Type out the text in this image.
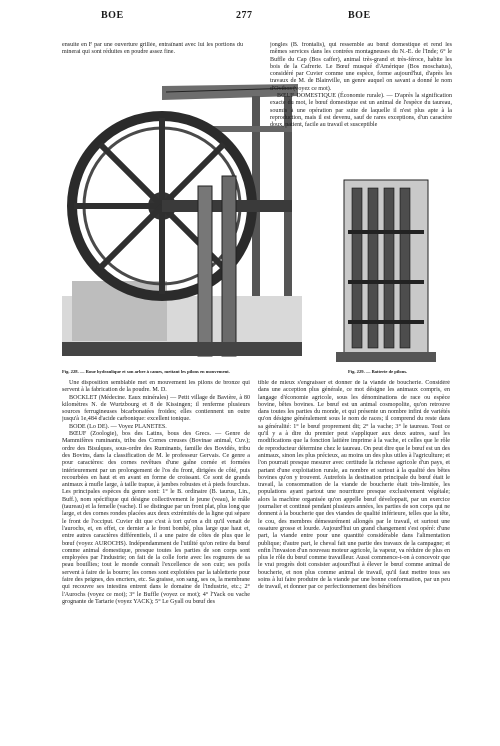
BOE	277	BOE

ensuite en F par une ouverture grillée, entraînant avec lui les portions du minerai qui sont réduites en poudre assez fine.

Fig. 228. — Roue hydraulique et son arbre à cames, mettant les pilons en mouvement.	Fig. 229. — Batterie de pilons.

jongles (B. frontalis), qui ressemble au bœuf domestique et rend les mêmes services dans les contrées montagneuses du N.-E. de l'Inde; 6° le Buffle du Cap (Bos caffer), animal très-grand et très-féroce, habite les bois de la Cafrerie. Le Bœuf musqué d'Amérique (Bos moschatus), considéré par Cuvier comme une espèce, forme aujourd'hui, d'après les travaux de M. de Blainville, un genre auquel on savant a donné le nom d'Ovibos (voyez ce mot).

BŒUF DOMESTIQUE (Économie rurale). — D'après la signification exacte du mot, le bœuf domestique est un animal de l'espèce du taureau, soumis à une opération par suite de laquelle il n'est plus apte à la reproduction, mais il est devenu, sauf de rares exceptions, d'un caractère doux, patient, facile au travail et susceptible

Une disposition semblable met en mouvement les pilons de bronze qui servent à la fabrication de la poudre. M. D.

BOCKLET (Médecine. Eaux minérales) — Petit village de Bavière, à 80 kilomètres N. de Wurtzbourg et 8 de Kissingen; il renferme plusieurs sources ferrugineuses bicarbonatées froides; elles contiennent un outre jusqu'à 1e,484 d'acide carbonique: excellent tonique.

BODE (Lo DE). — Voyez PLANETES.

BŒUF (Zoologie), bos des Latins, bous des Grecs. — Genre de Mammifères ruminants, tribu des Cornes creuses (Bovinae animal, Cuv.); ordre des Bisulques, sous-ordre des Ruminants, famille des Bovidés, tribu des Bovins, dans la classification de M. le professeur Gervais. Ce genre a pour caractères: des cornes revêtues d'une gaîne cornée et formées intérieurement par un prolongement de l'os du front, dirigées de côté, puis recourbées en haut et en avant en forme de croissant. Ce sont de grands animaux à mufle large, à taille trapue, à jambes robustes et à pieds fourchus. Les principales espèces du genre sont: 1° le B. ordinaire (B. taurus, Lin., Buff.), nom spécifique qui désigne collectivement le jeune (veau), le mâle (taureau) et la femelle (vache). Il se distingue par un front plat, plus long que large, et des cornes rondes placées aux deux extrémités de la ligne qui sépare le front de l'occiput. Cuvier dit que c'est à tort qu'on a dit qu'il venait de l'aurochs, et, en effet, ce dernier a le front bombé, plus large que haut et, entre autres caractères différentiels, il a une paire de côtes de plus que le bœuf (voyez AUROCHS). Indépendamment de l'utilité qu'on retire du bœuf comme animal domestique, presque toutes les parties de son corps sont employées par l'industrie; on fait de la colle forte avec les rognures de sa peau bouillies; tout le monde connaît l'excellence de son cuir; ses poils servent à faire de la bourre; les cornes sont exploitées par la tabletterie pour faire des peignes, des encriers, etc. Sa graisse, son sang, ses os, la membrane qui recouvre ses intestins entrent dans le domaine de l'industrie, etc.; 2° l'Aurochs (voyez ce mot); 3° le Buffle (voyez ce mot); 4° l'Yack ou vache grognante de Tartarie (voyez YACK); 5° Le Gyall ou bœuf des

tible de mieux s'engraisser et donner de la viande de boucherie. Considéré dans une acception plus générale, ce mot désigne les animaux compris, en langage d'économie agricole, sous les dénominations de race ou espèce bovine, bêtes bovines. Le bœuf est un animal cosmopolite, qu'on retrouve dans toutes les parties du monde, et qui présente un nombre infini de variétés qu'on désigne généralement sous le nom de races; il comprend du reste dans sa généralité: 1° le bœuf proprement dit; 2° la vache; 3° le taureau. Tout ce qu'il y a à dire du premier peut s'appliquer aux deux autres, sauf les modifications que la fonction laitière imprime à la vache, et celles que le rôle de reproducteur détermine chez le taureau. On peut dire que le bœuf est un des animaux, sinon les plus précieux, au moins un des plus utiles à l'agriculture; et l'on pourrait presque mesurer avec certitude la richesse agricole d'un pays, et partant d'une exploitation rurale, au nombre et surtout à la qualité des bêtes bovines qu'on y trouvent. Autrefois la destination principale du bœuf était le travail, la consommation de la viande de boucherie était très-limitée, les populations ayant partout une nourriture presque exclusivement végétale; alors la machine organisée qu'on appelle bœuf développait, par un exercice journalier et continué pendant plusieurs années, les parties de son corps qui ne donnent à la boucherie que des viandes de qualité inférieure, telles que la tête, le cou, des membres démesurément allongés par le travail, et surtout une ossature grosse et lourde. Aujourd'hui un grand changement s'est opéré: d'une part, la viande entre pour une quantité considérable dans l'alimentation publique; d'autre part, le cheval fait une partie des travaux de la campagne; et enfin l'invasion d'un nouveau moteur agricole, la vapeur, va réduire de plus en plus le rôle du bœuf comme travailleur. Aussi commence-t-on à concevoir que le vrai progrès doit consister aujourd'hui à élever le bœuf comme animal de boucherie, et non plus comme animal de travail, qu'il faut mettre tous ses soins à lui faire produire de la viande par une bonne conformation, par un peu de travail, et donner par ce perfectionnement des bénéfices
